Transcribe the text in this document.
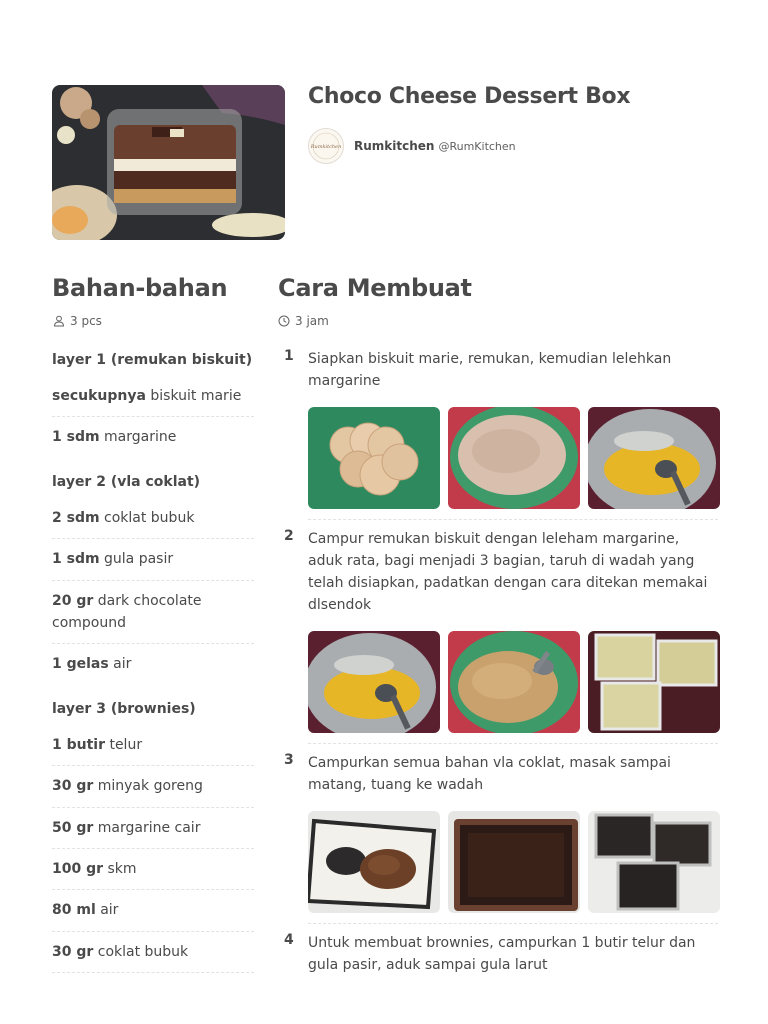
Choco Cheese Dessert Box
Rumkitchen Rumkitchen @RumKitchen
Bahan-bahan
3 pcs
layer 1 (remukan biskuit)
secukupnya biskuit marie
1 sdm margarine
layer 2 (vla coklat)
2 sdm coklat bubuk
1 sdm gula pasir
20 gr dark chocolate compound
1 gelas air
layer 3 (brownies)
1 butir telur
30 gr minyak goreng
50 gr margarine cair
100 gr skm
80 ml air
30 gr coklat bubuk
Cara Membuat
3 jam
1 Siapkan biskuit marie, remukan, kemudian lelehkan margarine
2 Campur remukan biskuit dengan leleham margarine, aduk rata, bagi menjadi 3 bagian, taruh di wadah yang telah disiapkan, padatkan dengan cara ditekan memakai dlsendok
3 Campurkan semua bahan vla coklat, masak sampai matang, tuang ke wadah
4 Untuk membuat brownies, campurkan 1 butir telur dan gula pasir, aduk sampai gula larut
